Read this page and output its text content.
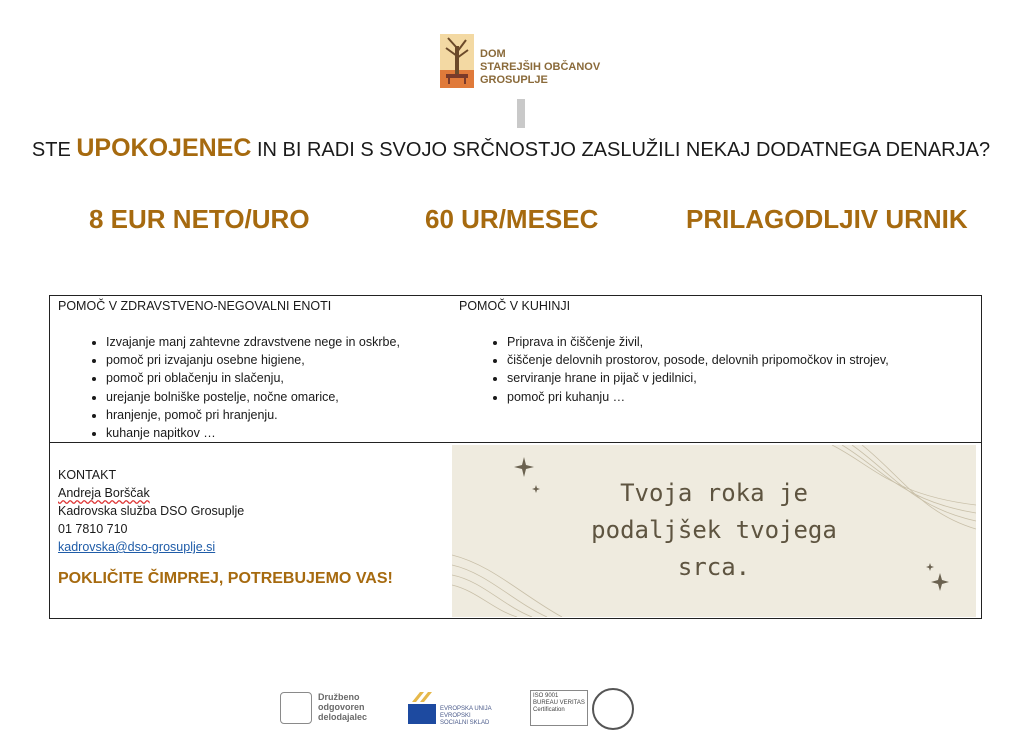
DOM
STAREJŠIH OBČANOV
GROSUPLJE
STE UPOKOJENEC IN BI RADI S SVOJO SRČNOSTJO ZASLUŽILI NEKAJ DODATNEGA DENARJA?
8 EUR NETO/URO	60 UR/MESEC	PRILAGODLJIV URNIK
POMOČ V ZDRAVSTVENO-NEGOVALNI ENOTI
• Izvajanje manj zahtevne zdravstvene nege in oskrbe,
• pomoč pri izvajanju osebne higiene,
• pomoč pri oblačenju in slačenju,
• urejanje bolniške postelje, nočne omarice,
• hranjenje, pomoč pri hranjenju.
• kuhanje napitkov …
POMOČ V KUHINJI
• Priprava in čiščenje živil,
• čiščenje delovnih prostorov, posode, delovnih pripomočkov in strojev,
• serviranje hrane in pijač v jedilnici,
• pomoč pri kuhanju …
KONTAKT
Andreja Borščak
Kadrovska služba DSO Grosuplje
01 7810 710
kadrovska@dso-grosuplje.si
POKLIČITE ČIMPREJ, POTREBUJEMO VAS!
Tvoja roka je
podaljšek tvojega
srca.
Družbeno
odgovoren
delodajalec
EVROPSKA UNIJA
EVROPSKI
SOCIALNI SKLAD
ISO 9001
BUREAU VERITAS
Certification
